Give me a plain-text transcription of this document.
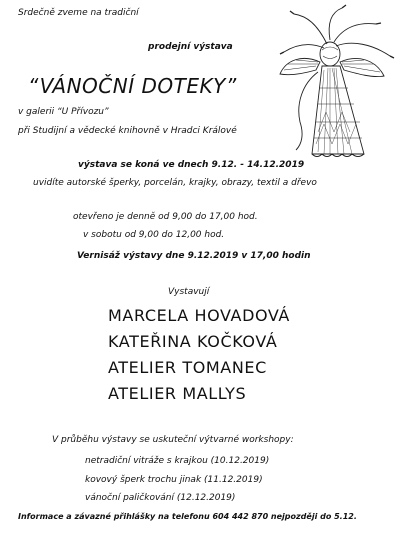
Srdečně zveme na tradiční
prodejní výstava
“VÁNOČNÍ DOTEKY”
v galerii “U Přívozu”
při Studijní a vědecké knihovně v Hradci Králové
výstava se koná ve dnech 9.12. - 14.12.2019
uvidíte autorské šperky, porcelán, krajky, obrazy, textil a dřevo
otevřeno je denně od 9,00 do 17,00 hod.
v sobotu od 9,00 do 12,00 hod.
Vernisáž výstavy dne 9.12.2019 v 17,00 hodin
Vystavují
MARCELA HOVADOVÁ
KATEŘINA KOČKOVÁ
ATELIER TOMANEC
ATELIER MALLYS
V průběhu výstavy se uskuteční výtvarné workshopy:
netradiční vitráže s krajkou (10.12.2019)
kovový šperk trochu jinak (11.12.2019)
vánoční paličkování (12.12.2019)
Informace a závazné přihlášky na telefonu 604 442 870 nejpozději do 5.12.
